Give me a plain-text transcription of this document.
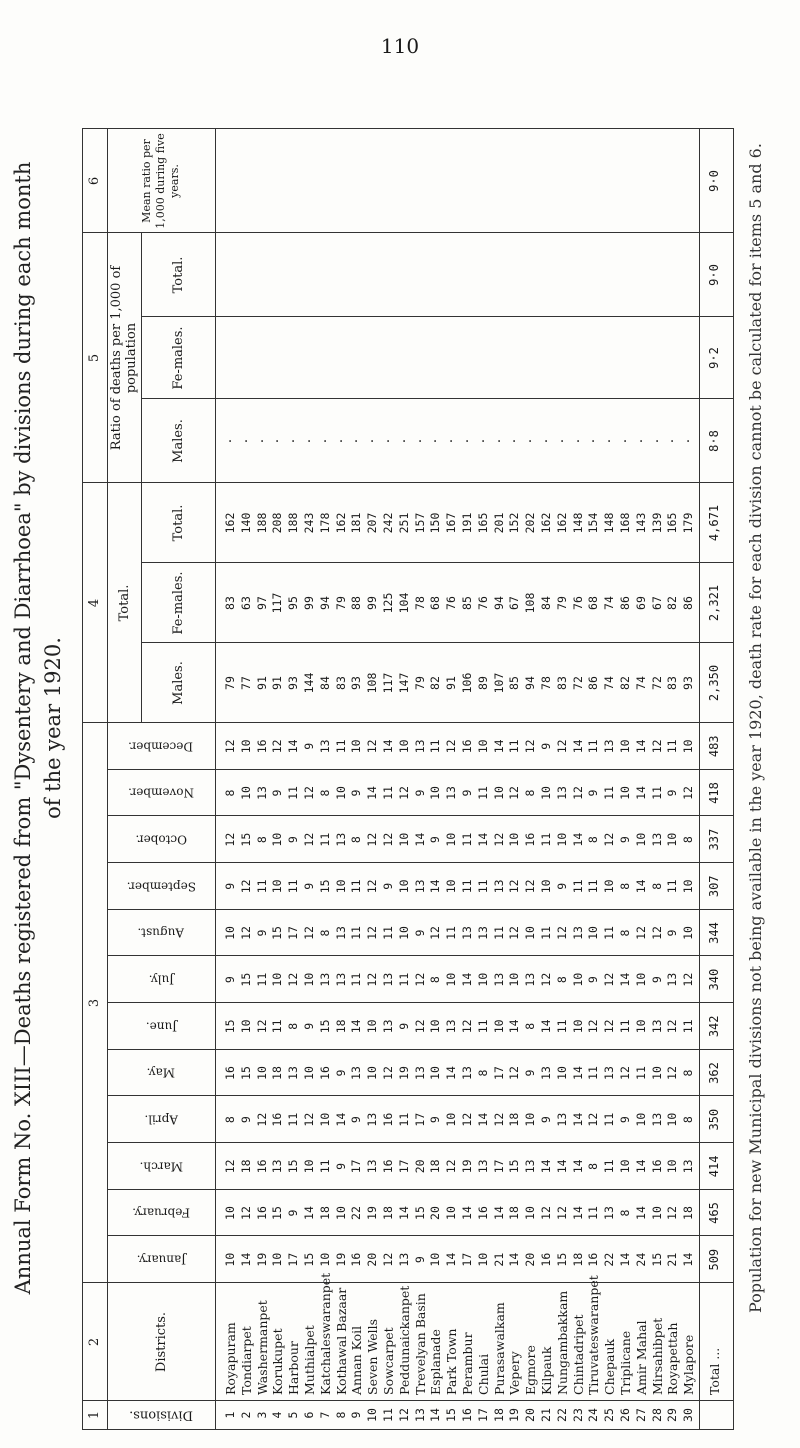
110
Annual Form No. XIII—Deaths registered from "Dysentery and Diarrhoea" by divisions during each month of the year 1920.
1
2
3
4
5
6
Divisions.
Districts.
January.
February.
March.
April.
May.
June.
July.
August.
September.
October.
November.
December.
Total.
Males.
Fe-males.
Total.
Ratio of deaths per 1,000 of population
Males.
Fe-males.
Total.
Mean ratio per 1,000 during five years.
1
Royapuram
10
10
12
8
16
15
9
10
9
12
8
12
79
83
162
·
2
Tondiarpet
14
12
18
9
15
10
15
12
12
15
10
10
77
63
140
·
3
Washermanpet
19
16
16
12
10
12
11
9
11
8
13
16
91
97
188
·
4
Korukupet
10
15
13
16
18
11
10
15
10
10
9
12
91
117
208
·
5
Harbour
17
9
15
11
13
8
12
17
11
9
11
14
93
95
188
·
6
Muthialpet
15
14
10
12
10
9
10
12
9
12
12
9
144
99
243
·
7
Katchaleswaranpet
10
18
11
10
16
15
13
8
15
11
8
13
84
94
178
·
8
Kothawal Bazaar
19
10
9
14
9
18
13
13
10
13
10
11
83
79
162
·
9
Annan Koil
16
22
17
9
13
14
11
11
11
8
9
10
93
88
181
·
10
Seven Wells
20
19
13
13
10
10
12
12
12
12
14
12
108
99
207
·
11
Sowcarpet
12
18
16
16
12
13
13
11
9
12
11
14
117
125
242
·
12
Peddunaickanpet
13
14
17
11
19
9
11
10
10
10
12
10
147
104
251
·
13
Trevelyan Basin
9
15
20
17
13
12
12
9
13
14
9
13
79
78
157
·
14
Esplanade
10
20
18
9
10
10
8
12
14
9
10
11
82
68
150
·
15
Park Town
14
10
12
10
14
13
10
11
10
10
13
12
91
76
167
·
16
Perambur
17
14
19
12
13
12
14
13
11
11
9
16
106
85
191
·
17
Chulai
10
16
13
14
8
11
10
13
11
14
11
10
89
76
165
·
18
Purasawalkam
21
14
17
12
17
10
13
11
13
12
10
14
107
94
201
·
19
Vepery
14
18
15
18
12
14
10
12
12
10
12
11
85
67
152
·
20
Egmore
20
10
13
10
9
8
13
10
12
16
8
12
94
108
202
·
21
Kilpauk
16
12
14
9
13
14
12
11
10
11
10
9
78
84
162
·
22
Nungambakkam
15
12
14
13
10
11
8
12
9
10
13
12
83
79
162
·
23
Chintadripet
18
14
14
14
14
10
10
13
11
14
12
14
72
76
148
·
24
Tiruvateswaranpet
16
11
8
12
11
12
9
10
11
8
9
11
86
68
154
·
25
Chepauk
22
13
11
11
13
12
12
11
10
12
11
13
74
74
148
·
26
Triplicane
14
8
10
9
12
11
14
8
8
9
10
10
82
86
168
·
27
Amir Mahal
24
14
14
10
11
10
10
12
14
10
14
14
74
69
143
·
28
Mirsahibpet
15
10
16
13
10
13
9
12
8
13
11
12
72
67
139
·
29
Royapettah
21
12
10
10
12
12
13
9
11
10
9
11
83
82
165
·
30
Mylapore
14
18
13
8
8
11
12
10
10
8
12
10
93
86
179
·
509
465
414
350
362
342
340
344
307
337
418
483
Total ...
2,350
2,321
4,671
8·8
9·2
9·0
9·0 Population for new Municipal divisions not being available in the year 1920, death rate for each division cannot be calculated for items 5 and 6.
